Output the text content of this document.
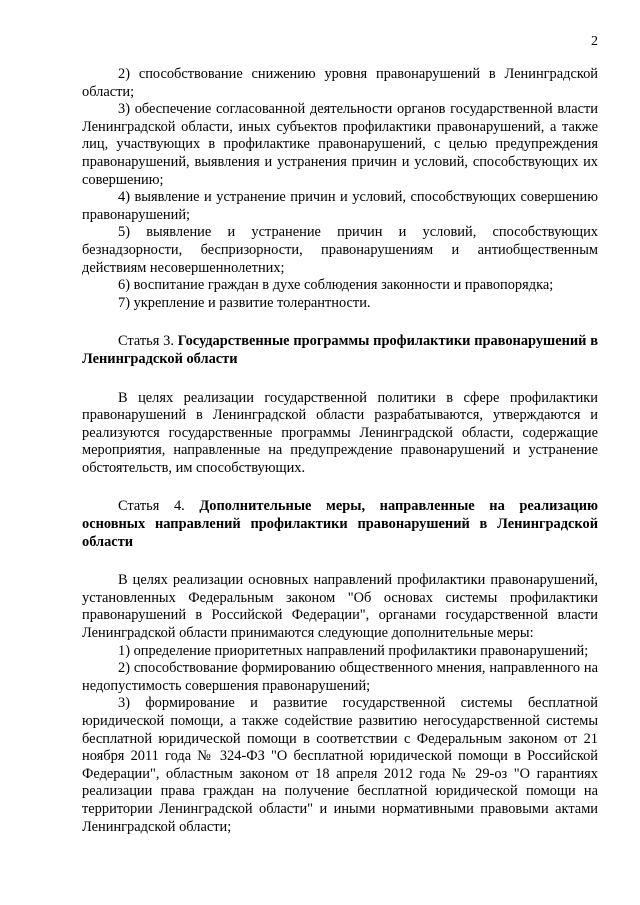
2

2) способствование снижению уровня правонарушений в Ленинградской области;

3) обеспечение согласованной деятельности органов государственной власти Ленинградской области, иных субъектов профилактики правонарушений, а также лиц, участвующих в профилактике правонарушений, с целью предупреждения правонарушений, выявления и устранения причин и условий, способствующих их совершению;

4) выявление и устранение причин и условий, способствующих совершению правонарушений;

5) выявление и устранение причин и условий, способствующих безнадзорности, беспризорности, правонарушениям и антиобщественным действиям несовершеннолетних;

6) воспитание граждан в духе соблюдения законности и правопорядка;

7) укрепление и развитие толерантности.

Статья 3. Государственные программы профилактики правонарушений в Ленинградской области

В целях реализации государственной политики в сфере профилактики правонарушений в Ленинградской области разрабатываются, утверждаются и реализуются государственные программы Ленинградской области, содержащие мероприятия, направленные на предупреждение правонарушений и устранение обстоятельств, им способствующих.

Статья 4. Дополнительные меры, направленные на реализацию основных направлений профилактики правонарушений в Ленинградской области

В целях реализации основных направлений профилактики правонарушений, установленных Федеральным законом "Об основах системы профилактики правонарушений в Российской Федерации", органами государственной власти Ленинградской области принимаются следующие дополнительные меры:

1) определение приоритетных направлений профилактики правонарушений;

2) способствование формированию общественного мнения, направленного на недопустимость совершения правонарушений;

3) формирование и развитие государственной системы бесплатной юридической помощи, а также содействие развитию негосударственной системы бесплатной юридической помощи в соответствии с Федеральным законом от 21 ноября 2011 года № 324-ФЗ "О бесплатной юридической помощи в Российской Федерации", областным законом от 18 апреля 2012 года № 29-оз "О гарантиях реализации права граждан на получение бесплатной юридической помощи на территории Ленинградской области" и иными нормативными правовыми актами Ленинградской области;
